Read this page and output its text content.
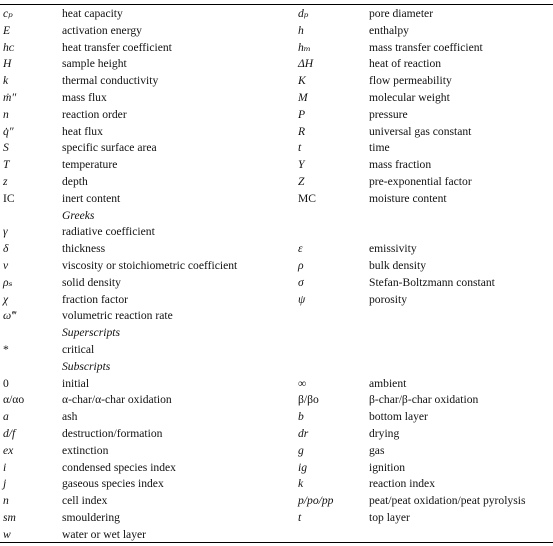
cₚ	heat capacity	dₚ	pore diameter
E	activation energy	h	enthalpy
hᴄ	heat transfer coefficient	hₘ	mass transfer coefficient
H	sample height	ΔH	heat of reaction
k	thermal conductivity	K	flow permeability
ṁ″	mass flux	M	molecular weight
n	reaction order	P	pressure
q̇″	heat flux	R	universal gas constant
S	specific surface area	t	time
T	temperature	Y	mass fraction
z	depth	Z	pre-exponential factor
IC	inert content	MC	moisture content
Greeks
γ	radiative coefficient
δ	thickness	ε	emissivity
ν	viscosity or stoichiometric coefficient	ρ	bulk density
ρₛ	solid density	σ	Stefan-Boltzmann constant
χ	fraction factor	ψ	porosity
ω̇‴	volumetric reaction rate
Superscripts
*	critical
Subscripts
0	initial	∞	ambient
α/αo	α-char/α-char oxidation	β/βo	β-char/β-char oxidation
a	ash	b	bottom layer
d/f	destruction/formation	dr	drying
ex	extinction	g	gas
i	condensed species index	ig	ignition
j	gaseous species index	k	reaction index
n	cell index	p/po/pp	peat/peat oxidation/peat pyrolysis
sm	smouldering	t	top layer
w	water or wet layer
